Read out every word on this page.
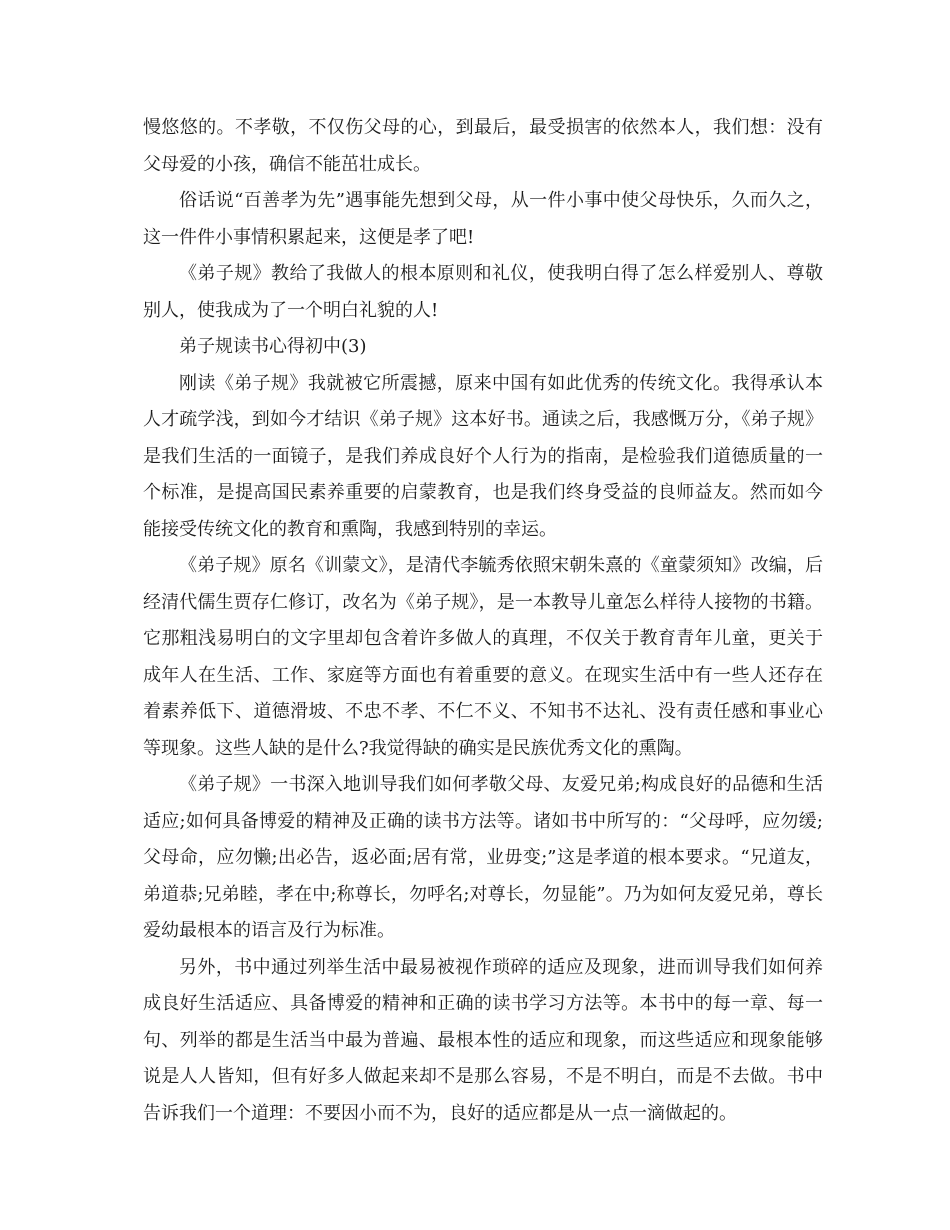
慢悠悠的。不孝敬，不仅伤父母的心，到最后，最受损害的依然本人，我们想：没有父母爱的小孩，确信不能茁壮成长。

俗话说“百善孝为先”遇事能先想到父母，从一件小事中使父母快乐，久而久之，这一件件小事情积累起来，这便是孝了吧!

《弟子规》教给了我做人的根本原则和礼仪，使我明白得了怎么样爱别人、尊敬别人，使我成为了一个明白礼貌的人!

弟子规读书心得初中(3)

刚读《弟子规》我就被它所震撼，原来中国有如此优秀的传统文化。我得承认本人才疏学浅，到如今才结识《弟子规》这本好书。通读之后，我感慨万分，《弟子规》是我们生活的一面镜子，是我们养成良好个人行为的指南，是检验我们道德质量的一个标准，是提高国民素养重要的启蒙教育，也是我们终身受益的良师益友。然而如今能接受传统文化的教育和熏陶，我感到特别的幸运。

《弟子规》原名《训蒙文》，是清代李毓秀依照宋朝朱熹的《童蒙须知》改编，后经清代儒生贾存仁修订，改名为《弟子规》，是一本教导儿童怎么样待人接物的书籍。它那粗浅易明白的文字里却包含着许多做人的真理，不仅关于教育青年儿童，更关于成年人在生活、工作、家庭等方面也有着重要的意义。在现实生活中有一些人还存在着素养低下、道德滑坡、不忠不孝、不仁不义、不知书不达礼、没有责任感和事业心等现象。这些人缺的是什么?我觉得缺的确实是民族优秀文化的熏陶。

《弟子规》一书深入地训导我们如何孝敬父母、友爱兄弟;构成良好的品德和生活适应;如何具备博爱的精神及正确的读书方法等。诸如书中所写的：“父母呼，应勿缓;父母命，应勿懒;出必告，返必面;居有常，业毋变;”这是孝道的根本要求。“兄道友，弟道恭;兄弟睦，孝在中;称尊长，勿呼名;对尊长，勿显能”。乃为如何友爱兄弟，尊长爱幼最根本的语言及行为标准。

另外，书中通过列举生活中最易被视作琐碎的适应及现象，进而训导我们如何养成良好生活适应、具备博爱的精神和正确的读书学习方法等。本书中的每一章、每一句、列举的都是生活当中最为普遍、最根本性的适应和现象，而这些适应和现象能够说是人人皆知，但有好多人做起来却不是那么容易，不是不明白，而是不去做。书中告诉我们一个道理：不要因小而不为，良好的适应都是从一点一滴做起的。
